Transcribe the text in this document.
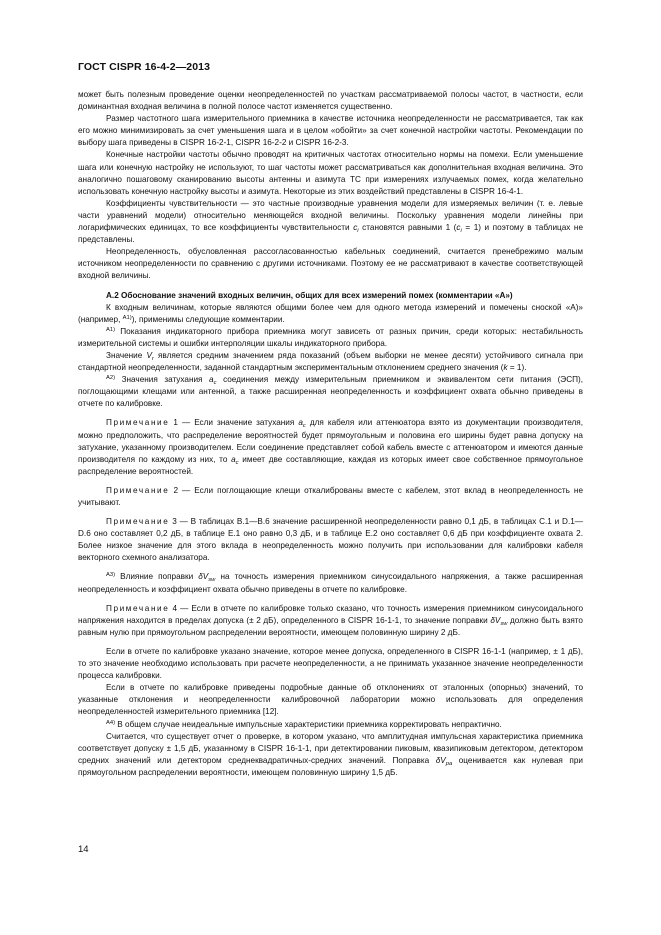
ГОСТ CISPR 16-4-2—2013

может быть полезным проведение оценки неопределенностей по участкам рассматриваемой полосы частот, в частности, если доминантная входная величина в полной полосе частот изменяется существенно.

Размер частотного шага измерительного приемника в качестве источника неопределенности не рассматривается, так как его можно минимизировать за счет уменьшения шага и в целом «обойти» за счет конечной настройки частоты. Рекомендации по выбору шага приведены в CISPR 16-2-1, CISPR 16-2-2 и CISPR 16-2-3.

Конечные настройки частоты обычно проводят на критичных частотах относительно нормы на помехи. Если уменьшение шага или конечную настройку не используют, то шаг частоты может рассматриваться как дополнительная входная величина. Это аналогично пошаговому сканированию высоты антенны и азимута ТС при измерениях излучаемых помех, когда желательно использовать конечную настройку высоты и азимута. Некоторые из этих воздействий представлены в CISPR 16-4-1.

Коэффициенты чувствительности — это частные производные уравнения модели для измеряемых величин (т. е. левые части уравнений модели) относительно меняющейся входной величины. Поскольку уравнения модели линейны при логарифмических единицах, то все коэффициенты чувствительности $c_i$ становятся равными 1 $(c_i = 1)$ и поэтому в таблицах не представлены.

Неопределенность, обусловленная рассогласованностью кабельных соединений, считается пренебрежимо малым источником неопределенности по сравнению с другими источниками. Поэтому ее не рассматривают в качестве соответствующей входной величины.

А.2 Обоснование значений входных величин, общих для всех измерений помех (комментарии «А»)

К входным величинам, которые являются общими более чем для одного метода измерений и помечены сноской «А)» (например, $^{А1)}$), применимы следующие комментарии.

$^{А1)}$ Показания индикаторного прибора приемника могут зависеть от разных причин, среди которых: нестабильность измерительной системы и ошибки интерполяции шкалы индикаторного прибора.

Значение $V_r$ является средним значением ряда показаний (объем выборки не менее десяти) устойчивого сигнала при стандартной неопределенности, заданной стандартным экспериментальным отклонением среднего значения (k = 1).

$^{А2)}$ Значения затухания $a_c$ соединения между измерительным приемником и эквивалентом сети питания (ЭСП), поглощающими клещами или антенной, а также расширенная неопределенность и коэффициент охвата обычно приведены в отчете по калибровке.

Примечание 1 — Если значение затухания $a_c$ для кабеля или аттенюатора взято из документации производителя, можно предположить, что распределение вероятностей будет прямоугольным и половина его ширины будет равна допуску на затухание, указанному производителем. Если соединение представляет собой кабель вместе с аттенюатором и имеются данные производителя по каждому из них, то $a_c$ имеет две составляющие, каждая из которых имеет свое собственное прямоугольное распределение вероятностей.

Примечание 2 — Если поглощающие клещи откалиброваны вместе с кабелем, этот вклад в неопределенность не учитывают.

Примечание 3 — В таблицах В.1—В.6 значение расширенной неопределенности равно 0,1 дБ, в таблицах С.1 и D.1—D.6 оно составляет 0,2 дБ, в таблице Е.1 оно равно 0,3 дБ, и в таблице Е.2 оно составляет 0,6 дБ при коэффициенте охвата 2. Более низкое значение для этого вклада в неопределенность можно получить при использовании для калибровки кабеля векторного схемного анализатора.

$^{А3)}$ Влияние поправки $\delta V_{sw}$ на точность измерения приемником синусоидального напряжения, а также расширенная неопределенность и коэффициент охвата обычно приведены в отчете по калибровке.

Примечание 4 — Если в отчете по калибровке только сказано, что точность измерения приемником синусоидального напряжения находится в пределах допуска (± 2 дБ), определенного в CISPR 16-1-1, то значение поправки $\delta V_{sw}$ должно быть взято равным нулю при прямоугольном распределении вероятности, имеющем половинную ширину 2 дБ.

Если в отчете по калибровке указано значение, которое менее допуска, определенного в CISPR 16-1-1 (например, ± 1 дБ), то это значение необходимо использовать при расчете неопределенности, а не принимать указанное значение неопределенности процесса калибровки.

Если в отчете по калибровке приведены подробные данные об отклонениях от эталонных (опорных) значений, то указанные отклонения и неопределенности калибровочной лаборатории можно использовать для определения неопределенностей измерительного приемника [12].

$^{А4)}$ В общем случае неидеальные импульсные характеристики приемника корректировать непрактично.

Считается, что существует отчет о проверке, в котором указано, что амплитудная импульсная характеристика приемника соответствует допуску ± 1,5 дБ, указанному в CISPR 16-1-1, при детектировании пиковым, квазипиковым детектором, детектором средних значений или детектором среднеквадратичных-средних значений. Поправка $\delta V_{pa}$ оценивается как нулевая при прямоугольном распределении вероятности, имеющем половинную ширину 1,5 дБ.

14
